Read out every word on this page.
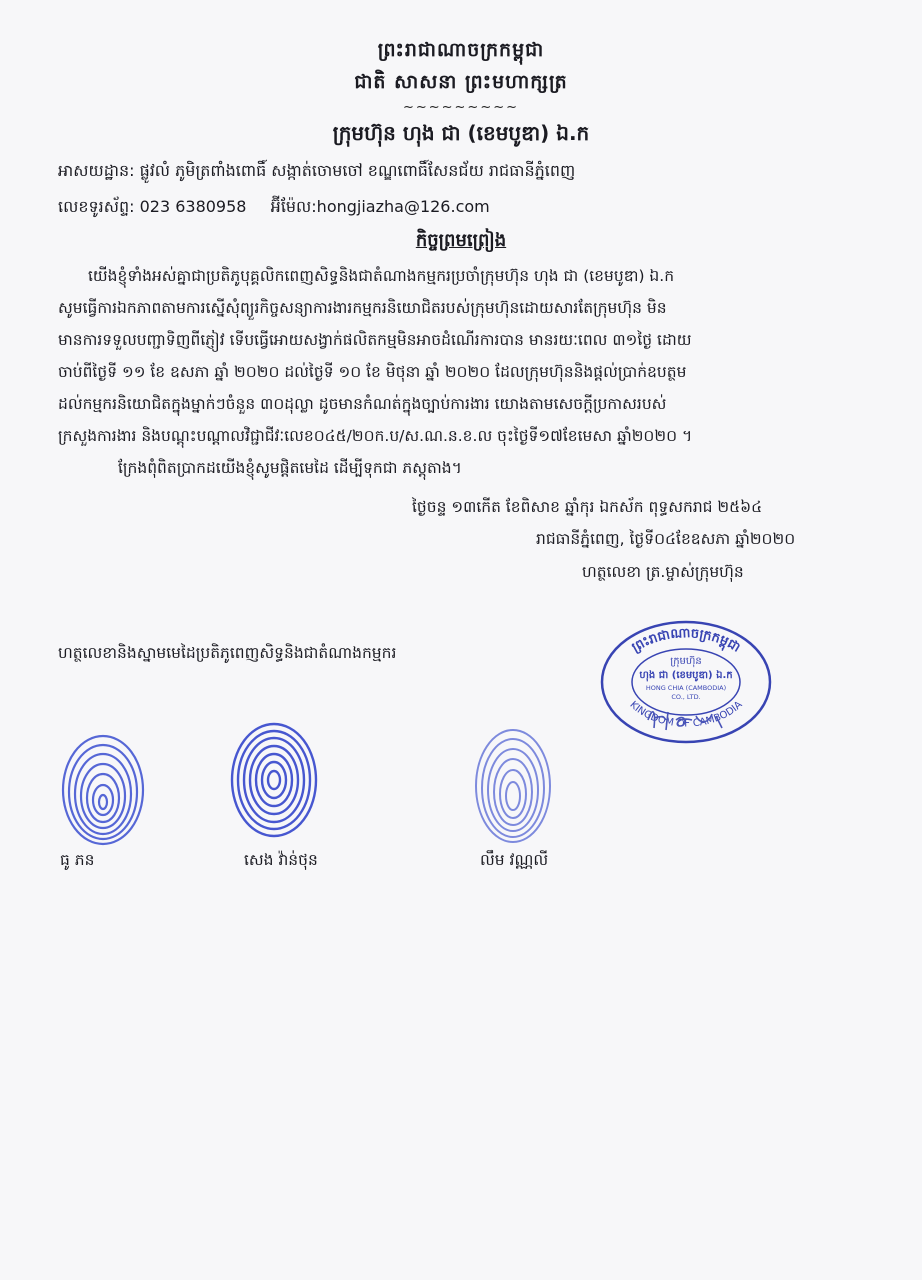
ព្រះរាជាណាចក្រកម្ពុជា
ជាតិ សាសនា ព្រះមហាក្សត្រ
~~~~~~~~~
ក្រុមហ៊ុន ហុង ជា (ខេមបូឌា) ឯ.ក
អាសយដ្ឋាន: ផ្លូវលំ ភូមិត្រពាំងពោធិ៍ សង្កាត់ចោមចៅ ខណ្ឌពោធិ៍សែនជ័យ រាជធានីភ្នំពេញ
លេខទូរស័ព្ទ: 023 6380958 អ៊ីម៉ែល:hongjiazha@126.com
កិច្ចព្រមព្រៀង

យើងខ្ញុំទាំងអស់គ្នាជាប្រតិភូបុគ្គលិកពេញសិទ្ធនិងជាតំណាងកម្មករប្រចាំក្រុមហ៊ុន ហុង ជា (ខេមបូឌា) ឯ.ក

សូមធ្វើការឯកភាពតាមការស្នើសុំព្យួរកិច្ចសន្យាការងារកម្មករនិយោជិតរបស់ក្រុមហ៊ុនដោយសារតែក្រុមហ៊ុន មិន

មានការទទួលបញ្ជាទិញពីភ្ញៀវ ទើបធ្វើអោយសង្វាក់ផលិតកម្មមិនអាចដំណើរការបាន មានរយៈពេល ៣១ថ្ងៃ ដោយ

ចាប់ពីថ្ងៃទី ១១ ខែ ឧសភា ឆ្នាំ ២០២០ ដល់ថ្ងៃទី ១០ ខែ មិថុនា ឆ្នាំ ២០២០ ដែលក្រុមហ៊ុននិងផ្តល់ប្រាក់ឧបត្ថម

ដល់កម្មករនិយោជិតក្នុងម្នាក់ៗចំនួន ៣០ដុល្លា ដូចមានកំណត់ក្នុងច្បាប់ការងារ យោងតាមសេចក្តីប្រកាសរបស់

ក្រសួងការងារ និងបណ្តុះបណ្តាលវិជ្ជាជីវៈលេខ០៤៥/២០ក.ប/ស.ណ.ន.ខ.ល ចុះថ្ងៃទី១៧ខែមេសា ឆ្នាំ២០២០ ។

ក្រែងពុំពិតប្រាកដយើងខ្ញុំសូមផ្តិតមេដៃ ដើម្បីទុកជា ភស្តុតាង។

ថ្ងៃចន្ទ ១៣កើត ខែពិសាខ ឆ្នាំកុរ ឯកស័ក ពុទ្ធសករាជ ២៥៦៤
រាជធានីភ្នំពេញ, ថ្ងៃទី០៤ខែឧសភា ឆ្នាំ២០២០
ហត្ថលេខា ត្រ.ម្ចាស់ក្រុមហ៊ុន
ហត្ថលេខានិងស្នាមមេដៃប្រតិភូពេញសិទ្ធនិងជាតំណាងកម្មករ	ព្រះរាជាណាចក្រកម្ពុជា
ក្រុមហ៊ុន
ហុង ជា (ខេមបូឌា) ឯ.ក
HONG CHIA (CAMBODIA)
CO., LTD.
KINGDOM OF CAMBODIA
ធូ ភន	សេង វ៉ាន់ថុន	លឹម វណ្ណលី
